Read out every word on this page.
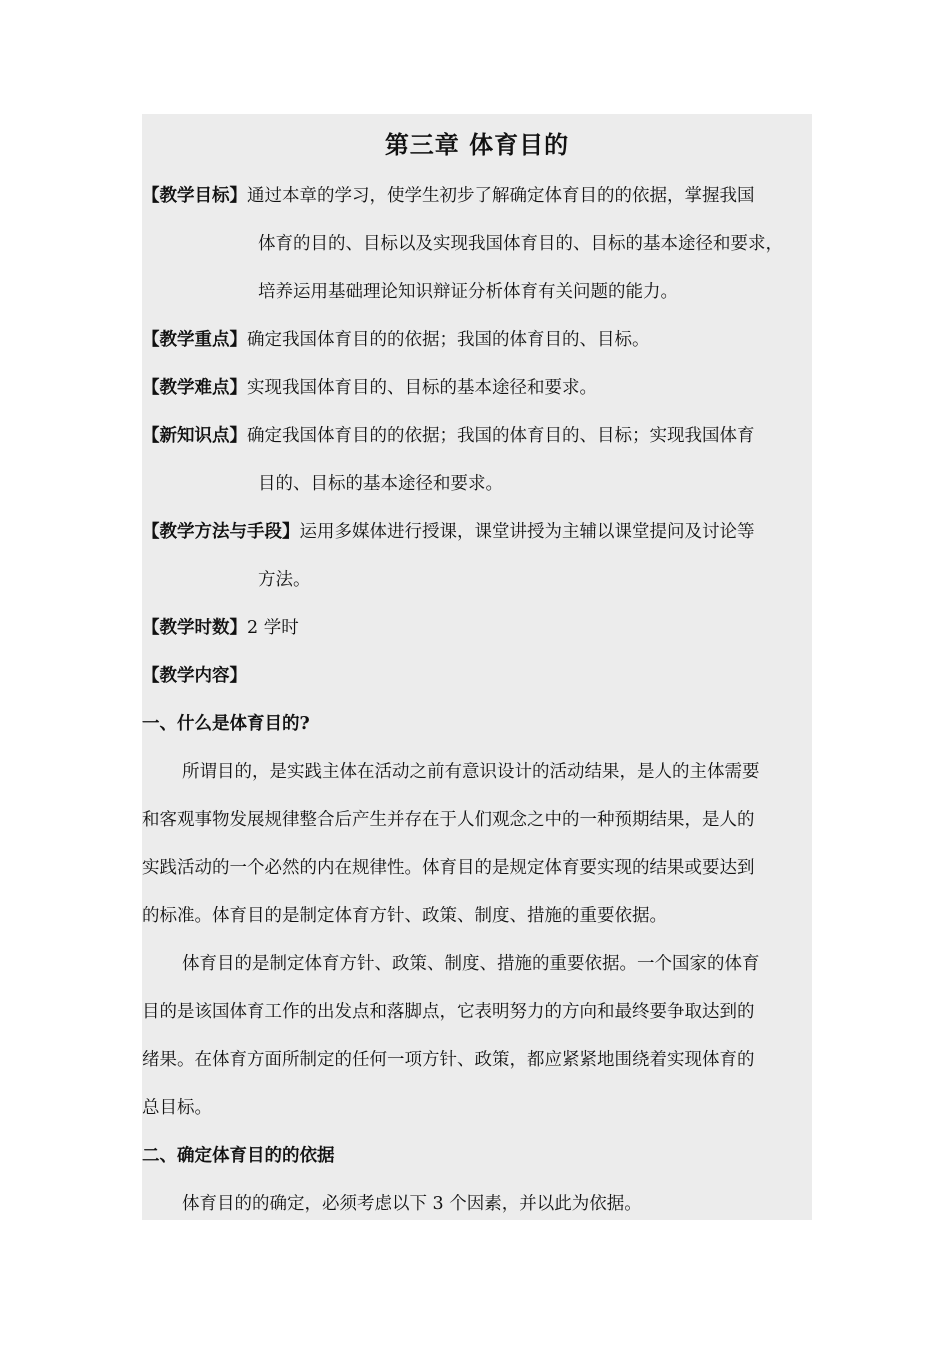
第三章 体育目的
【教学目标】通过本章的学习，使学生初步了解确定体育目的的依据，掌握我国
体育的目的、目标以及实现我国体育目的、目标的基本途径和要求，
培养运用基础理论知识辩证分析体育有关问题的能力。
【教学重点】确定我国体育目的的依据；我国的体育目的、目标。
【教学难点】实现我国体育目的、目标的基本途径和要求。
【新知识点】确定我国体育目的的依据；我国的体育目的、目标；实现我国体育
目的、目标的基本途径和要求。
【教学方法与手段】运用多媒体进行授课，课堂讲授为主辅以课堂提问及讨论等
方法。
【教学时数】2 学时
【教学内容】
一、什么是体育目的?
所谓目的，是实践主体在活动之前有意识设计的活动结果，是人的主体需要
和客观事物发展规律整合后产生并存在于人们观念之中的一种预期结果，是人的
实践活动的一个必然的内在规律性。体育目的是规定体育要实现的结果或要达到
的标准。体育目的是制定体育方针、政策、制度、措施的重要依据。
体育目的是制定体育方针、政策、制度、措施的重要依据。一个国家的体育
目的是该国体育工作的出发点和落脚点，它表明努力的方向和最终要争取达到的
绪果。在体育方面所制定的任何一项方针、政策，都应紧紧地围绕着实现体育的
总目标。
二、确定体育目的的依据
体育目的的确定，必须考虑以下 3 个因素，并以此为依据。
